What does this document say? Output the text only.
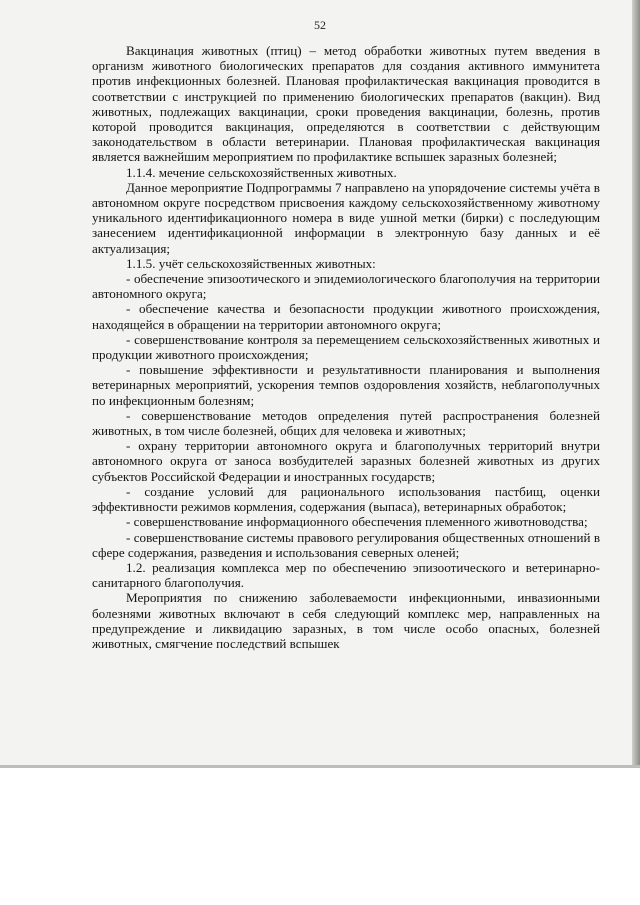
52

Вакцинация животных (птиц) – метод обработки животных путем введения в организм животного биологических препаратов для создания активного иммунитета против инфекционных болезней. Плановая профилактическая вакцинация проводится в соответствии с инструкцией по применению биологических препаратов (вакцин). Вид животных, подлежащих вакцинации, сроки проведения вакцинации, болезнь, против которой проводится вакцинация, определяются в соответствии с действующим законодательством в области ветеринарии. Плановая профилактическая вакцинация является важнейшим мероприятием по профилактике вспышек заразных болезней;

1.1.4. мечение сельскохозяйственных животных.

Данное мероприятие Подпрограммы 7 направлено на упорядочение системы учёта в автономном округе посредством присвоения каждому сельскохозяйственному животному уникального идентификационного номера в виде ушной метки (бирки) с последующим занесением идентификационной информации в электронную базу данных и её актуализация;

1.1.5. учёт сельскохозяйственных животных:

- обеспечение эпизоотического и эпидемиологического благополучия на территории автономного округа;

- обеспечение качества и безопасности продукции животного происхождения, находящейся в обращении на территории автономного округа;

- совершенствование контроля за перемещением сельскохозяйственных животных и продукции животного происхождения;

- повышение эффективности и результативности планирования и выполнения ветеринарных мероприятий, ускорения темпов оздоровления хозяйств, неблагополучных по инфекционным болезням;

- совершенствование методов определения путей распространения болезней животных, в том числе болезней, общих для человека и животных;

- охрану территории автономного округа и благополучных территорий внутри автономного округа от заноса возбудителей заразных болезней животных из других субъектов Российской Федерации и иностранных государств;

- создание условий для рационального использования пастбищ, оценки эффективности режимов кормления, содержания (выпаса), ветеринарных обработок;

- совершенствование информационного обеспечения племенного животноводства;

- совершенствование системы правового регулирования общественных отношений в сфере содержания, разведения и использования северных оленей;

1.2. реализация комплекса мер по обеспечению эпизоотического и ветеринарно-санитарного благополучия.

Мероприятия по снижению заболеваемости инфекционными, инвазионными болезнями животных включают в себя следующий комплекс мер, направленных на предупреждение и ликвидацию заразных, в том числе особо опасных, болезней животных, смягчение последствий вспышек
